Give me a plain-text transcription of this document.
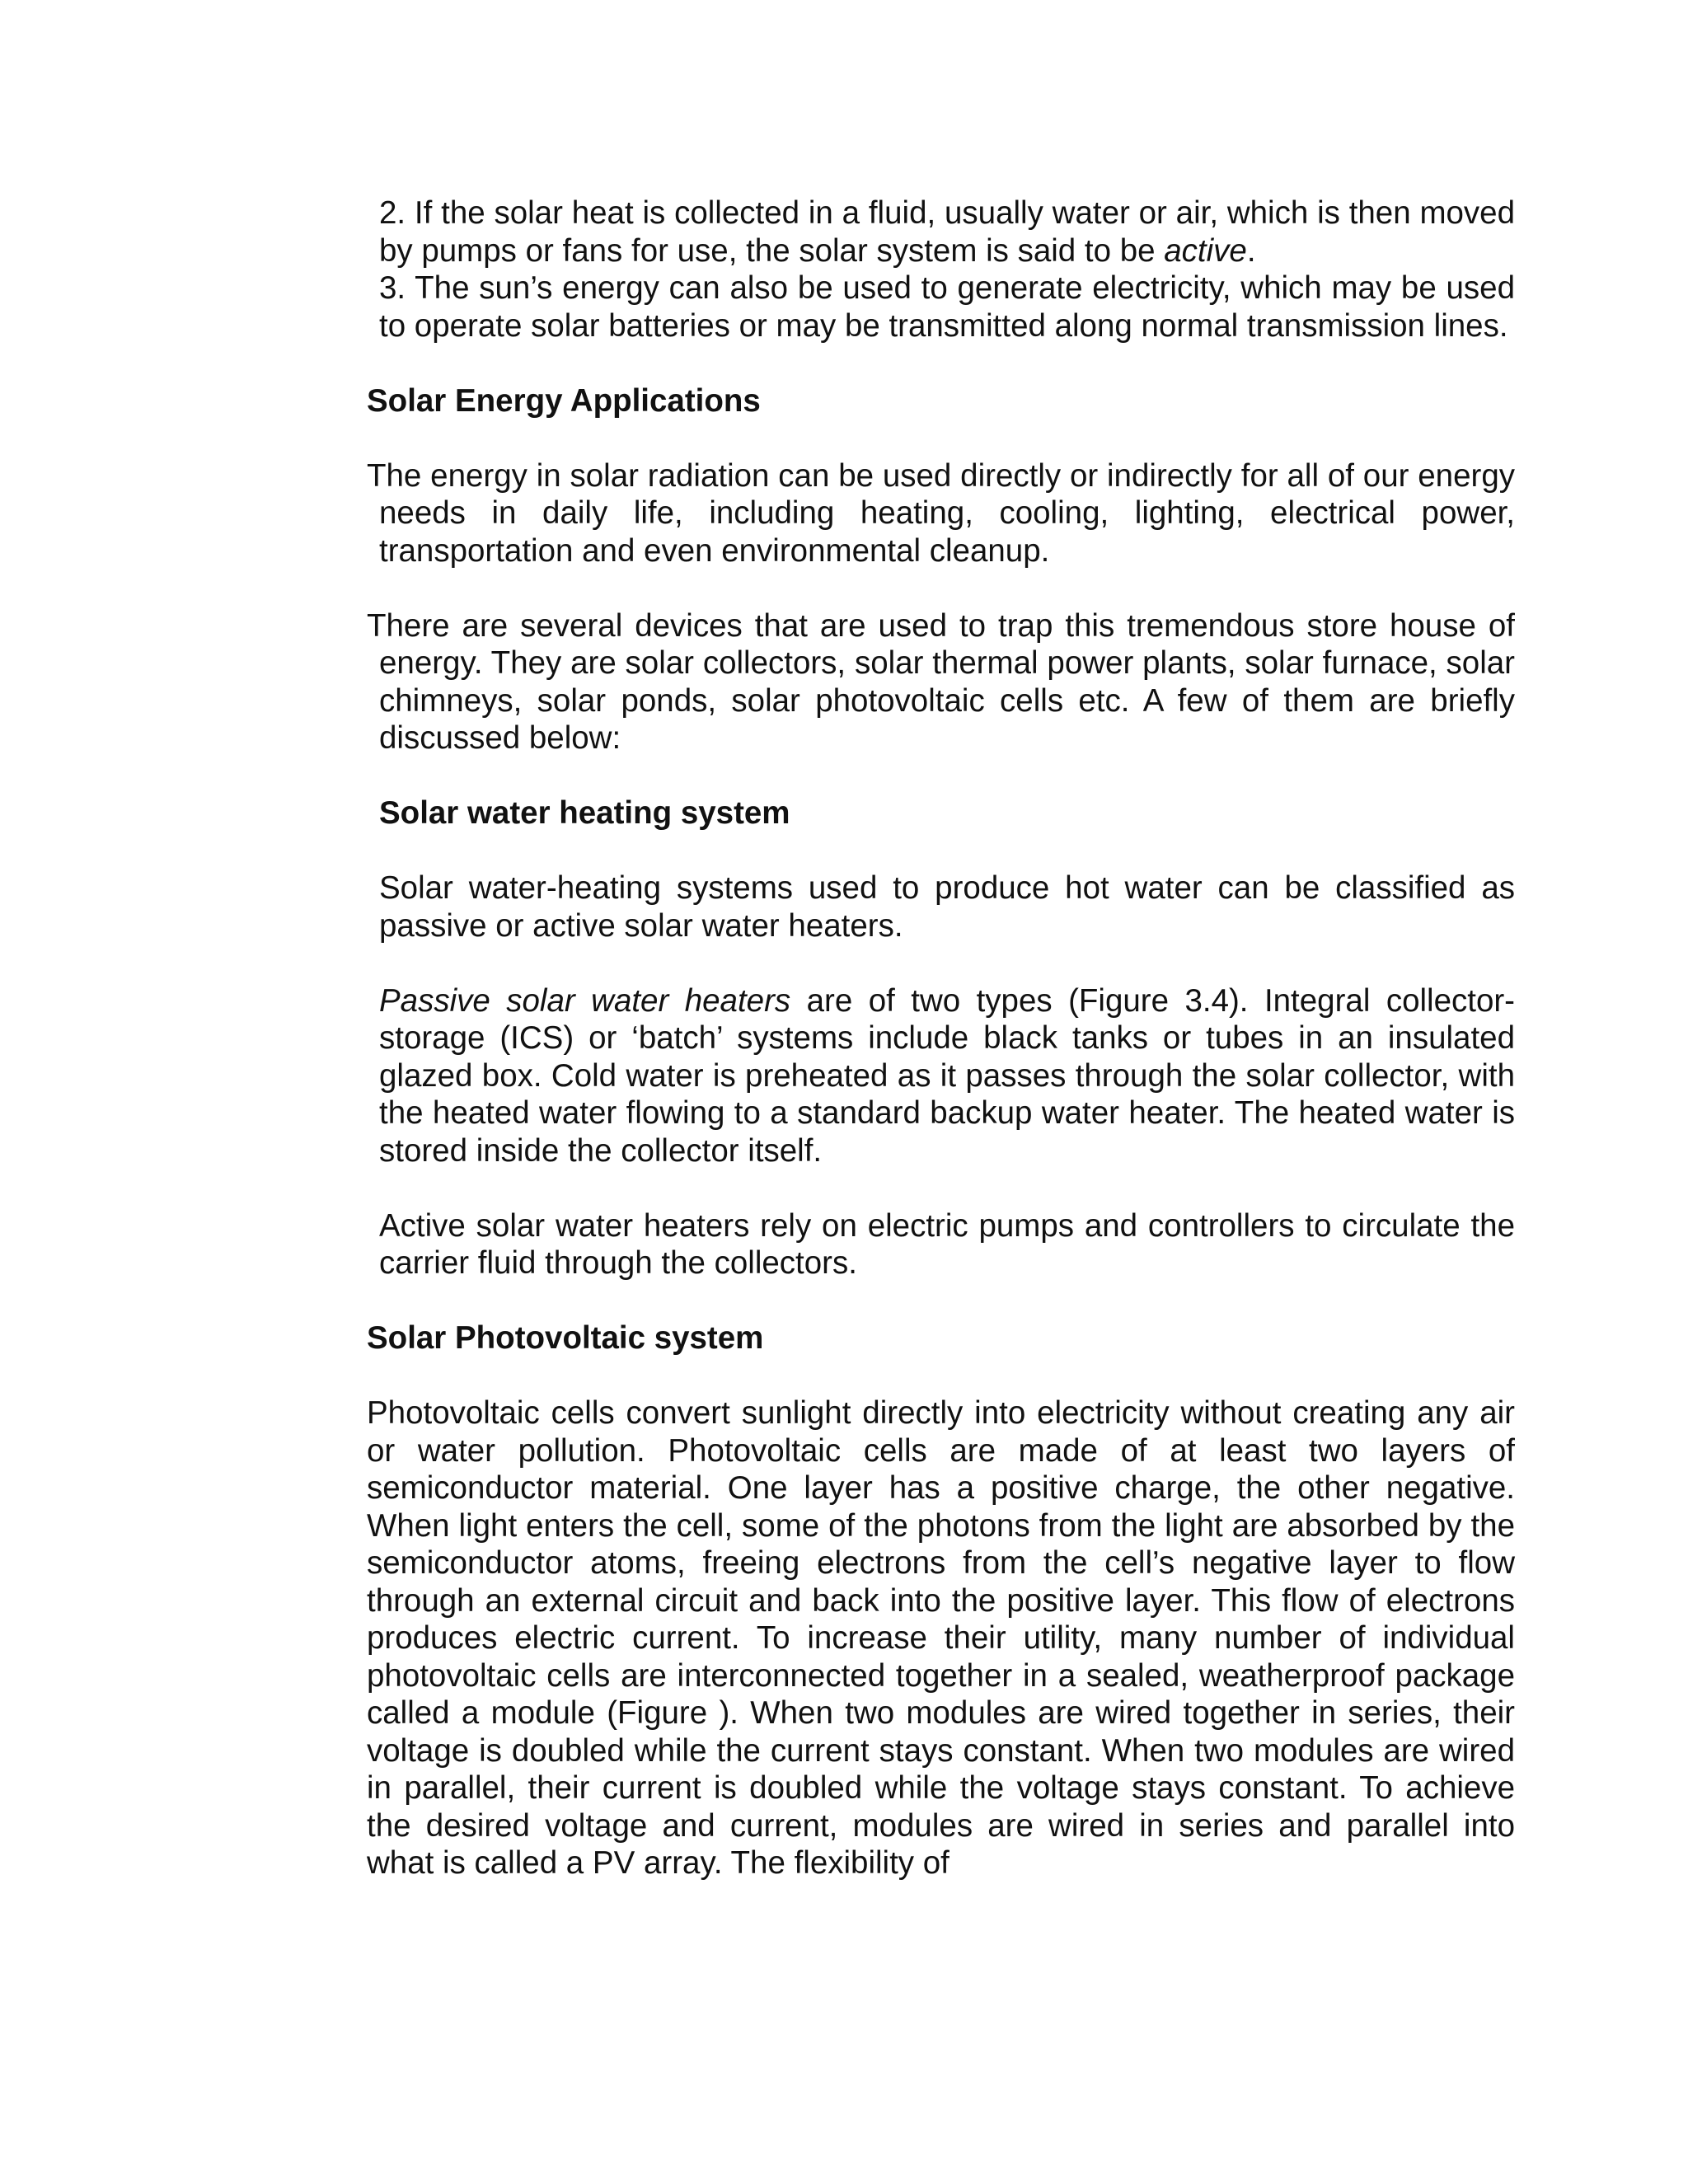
2. If the solar heat is collected in a fluid, usually water or air, which is then moved by pumps or fans for use, the solar system is said to be active.

3. The sun’s energy can also be used to generate electricity, which may be used to operate solar batteries or may be transmitted along normal transmission lines.

Solar Energy Applications

The energy in solar radiation can be used directly or indirectly for all of our energy needs in daily life, including heating, cooling, lighting, electrical power, transportation and even environmental cleanup.

There are several devices that are used to trap this tremendous store house of energy. They are solar collectors, solar thermal power plants, solar furnace, solar chimneys, solar ponds, solar photovoltaic cells etc. A few of them are briefly discussed below:

Solar water heating system

Solar water-heating systems used to produce hot water can be classified as passive or active solar water heaters.

Passive solar water heaters are of two types (Figure 3.4). Integral collector-storage (ICS) or ‘batch’ systems include black tanks or tubes in an insulated glazed box. Cold water is preheated as it passes through the solar collector, with the heated water flowing to a standard backup water heater. The heated water is stored inside the collector itself.

Active solar water heaters rely on electric pumps and controllers to circulate the carrier fluid through the collectors.

Solar Photovoltaic system

Photovoltaic cells convert sunlight directly into electricity without creating any air or water pollution. Photovoltaic cells are made of at least two layers of semiconductor material. One layer has a positive charge, the other negative. When light enters the cell, some of the photons from the light are absorbed by the semiconductor atoms, freeing electrons from the cell’s negative layer to flow through an external circuit and back into the positive layer. This flow of electrons produces electric current. To increase their utility, many number of individual photovoltaic cells are interconnected together in a sealed, weatherproof package called a module (Figure ). When two modules are wired together in series, their voltage is doubled while the current stays constant. When two modules are wired in parallel, their current is doubled while the voltage stays constant. To achieve the desired voltage and current, modules are wired in series and parallel into what is called a PV array. The flexibility of
